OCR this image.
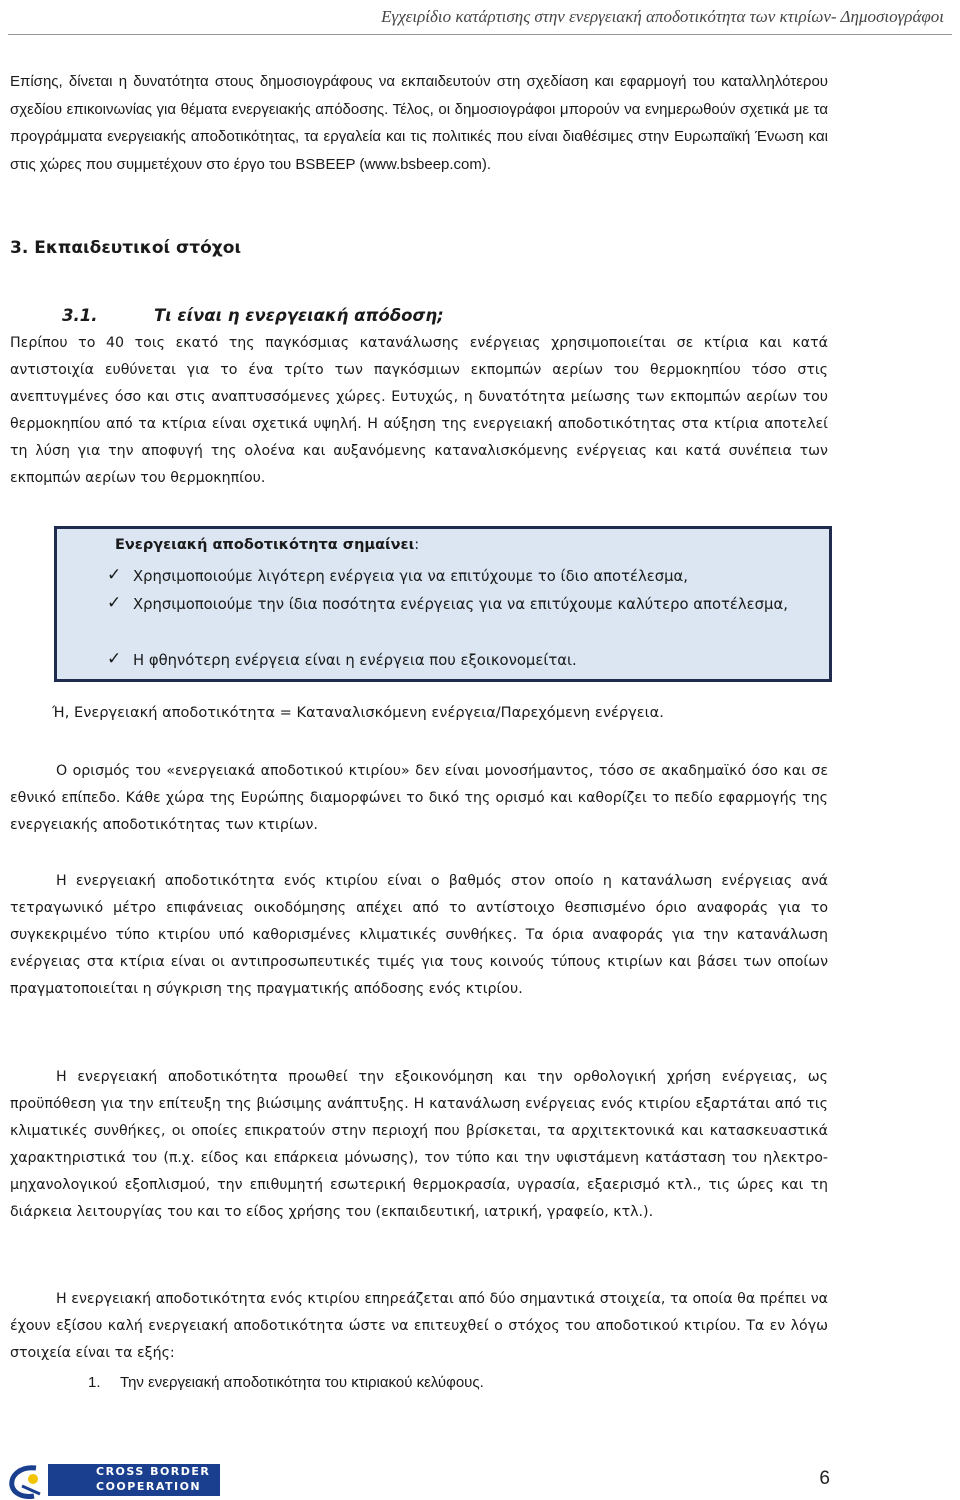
Εγχειρίδιο κατάρτισης στην ενεργειακή αποδοτικότητα των κτιρίων- Δημοσιογράφοι

Επίσης, δίνεται η δυνατότητα στους δημοσιογράφους να εκπαιδευτούν στη σχεδίαση και εφαρμογή του καταλληλότερου σχεδίου επικοινωνίας για θέματα ενεργειακής απόδοσης. Τέλος, οι δημοσιογράφοι μπορούν να ενημερωθούν σχετικά με τα προγράμματα ενεργειακής αποδοτικότητας, τα εργαλεία και τις πολιτικές που είναι διαθέσιμες στην Ευρωπαϊκή Ένωση και στις χώρες που συμμετέχουν στο έργο του BSBEEP (www.bsbeep.com).

3. Εκπαιδευτικοί στόχοι
3.1.	Τι είναι η ενεργειακή απόδοση;

Περίπου το 40 τοις εκατό της παγκόσμιας κατανάλωσης ενέργειας χρησιμοποιείται σε κτίρια και κατά αντιστοιχία ευθύνεται για το ένα τρίτο των παγκόσμιων εκπομπών αερίων του θερμοκηπίου τόσο στις ανεπτυγμένες όσο και στις αναπτυσσόμενες χώρες. Ευτυχώς, η δυνατότητα μείωσης των εκπομπών αερίων του θερμοκηπίου από τα κτίρια είναι σχετικά υψηλή. Η αύξηση της ενεργειακή αποδοτικότητας στα κτίρια αποτελεί τη λύση για την αποφυγή της ολοένα και αυξανόμενης καταναλισκόμενης ενέργειας και κατά συνέπεια των εκπομπών αερίων του θερμοκηπίου.

Ενεργειακή αποδοτικότητα σημαίνει:
✓ Χρησιμοποιούμε λιγότερη ενέργεια για να επιτύχουμε το ίδιο αποτέλεσμα,
✓ Χρησιμοποιούμε την ίδια ποσότητα ενέργειας για να επιτύχουμε καλύτερο αποτέλεσμα,
✓ Η φθηνότερη ενέργεια είναι η ενέργεια που εξοικονομείται.
Ή, Ενεργειακή αποδοτικότητα = Καταναλισκόμενη ενέργεια/Παρεχόμενη ενέργεια.

Ο ορισμός του «ενεργειακά αποδοτικού κτιρίου» δεν είναι μονοσήμαντος, τόσο σε ακαδημαϊκό όσο και σε εθνικό επίπεδο. Κάθε χώρα της Ευρώπης διαμορφώνει το δικό της ορισμό και καθορίζει το πεδίο εφαρμογής της ενεργειακής αποδοτικότητας των κτιρίων.

Η ενεργειακή αποδοτικότητα ενός κτιρίου είναι ο βαθμός στον οποίο η κατανάλωση ενέργειας ανά τετραγωνικό μέτρο επιφάνειας οικοδόμησης απέχει από το αντίστοιχο θεσπισμένο όριο αναφοράς για το συγκεκριμένο τύπο κτιρίου υπό καθορισμένες κλιματικές συνθήκες. Τα όρια αναφοράς για την κατανάλωση ενέργειας στα κτίρια είναι οι αντιπροσωπευτικές τιμές για τους κοινούς τύπους κτιρίων και βάσει των οποίων πραγματοποιείται η σύγκριση της πραγματικής απόδοσης ενός κτιρίου.

Η ενεργειακή αποδοτικότητα προωθεί την εξοικονόμηση και την ορθολογική χρήση ενέργειας, ως προϋπόθεση για την επίτευξη της βιώσιμης ανάπτυξης. Η κατανάλωση ενέργειας ενός κτιρίου εξαρτάται από τις κλιματικές συνθήκες, οι οποίες επικρατούν στην περιοχή που βρίσκεται, τα αρχιτεκτονικά και κατασκευαστικά χαρακτηριστικά του (π.χ. είδος και επάρκεια μόνωσης), τον τύπο και την υφιστάμενη κατάσταση του ηλεκτρο-μηχανολογικού εξοπλισμού, την επιθυμητή εσωτερική θερμοκρασία, υγρασία, εξαερισμό κτλ., τις ώρες και τη διάρκεια λειτουργίας του και το είδος χρήσης του (εκπαιδευτική, ιατρική, γραφείο, κτλ.).

Η ενεργειακή αποδοτικότητα ενός κτιρίου επηρεάζεται από δύο σημαντικά στοιχεία, τα οποία θα πρέπει να έχουν εξίσου καλή ενεργειακή αποδοτικότητα ώστε να επιτευχθεί ο στόχος του αποδοτικού κτιρίου. Τα εν λόγω στοιχεία είναι τα εξής:

1. Την ενεργειακή αποδοτικότητα του κτιριακού κελύφους.
CROSS BORDER
COOPERATION	6
